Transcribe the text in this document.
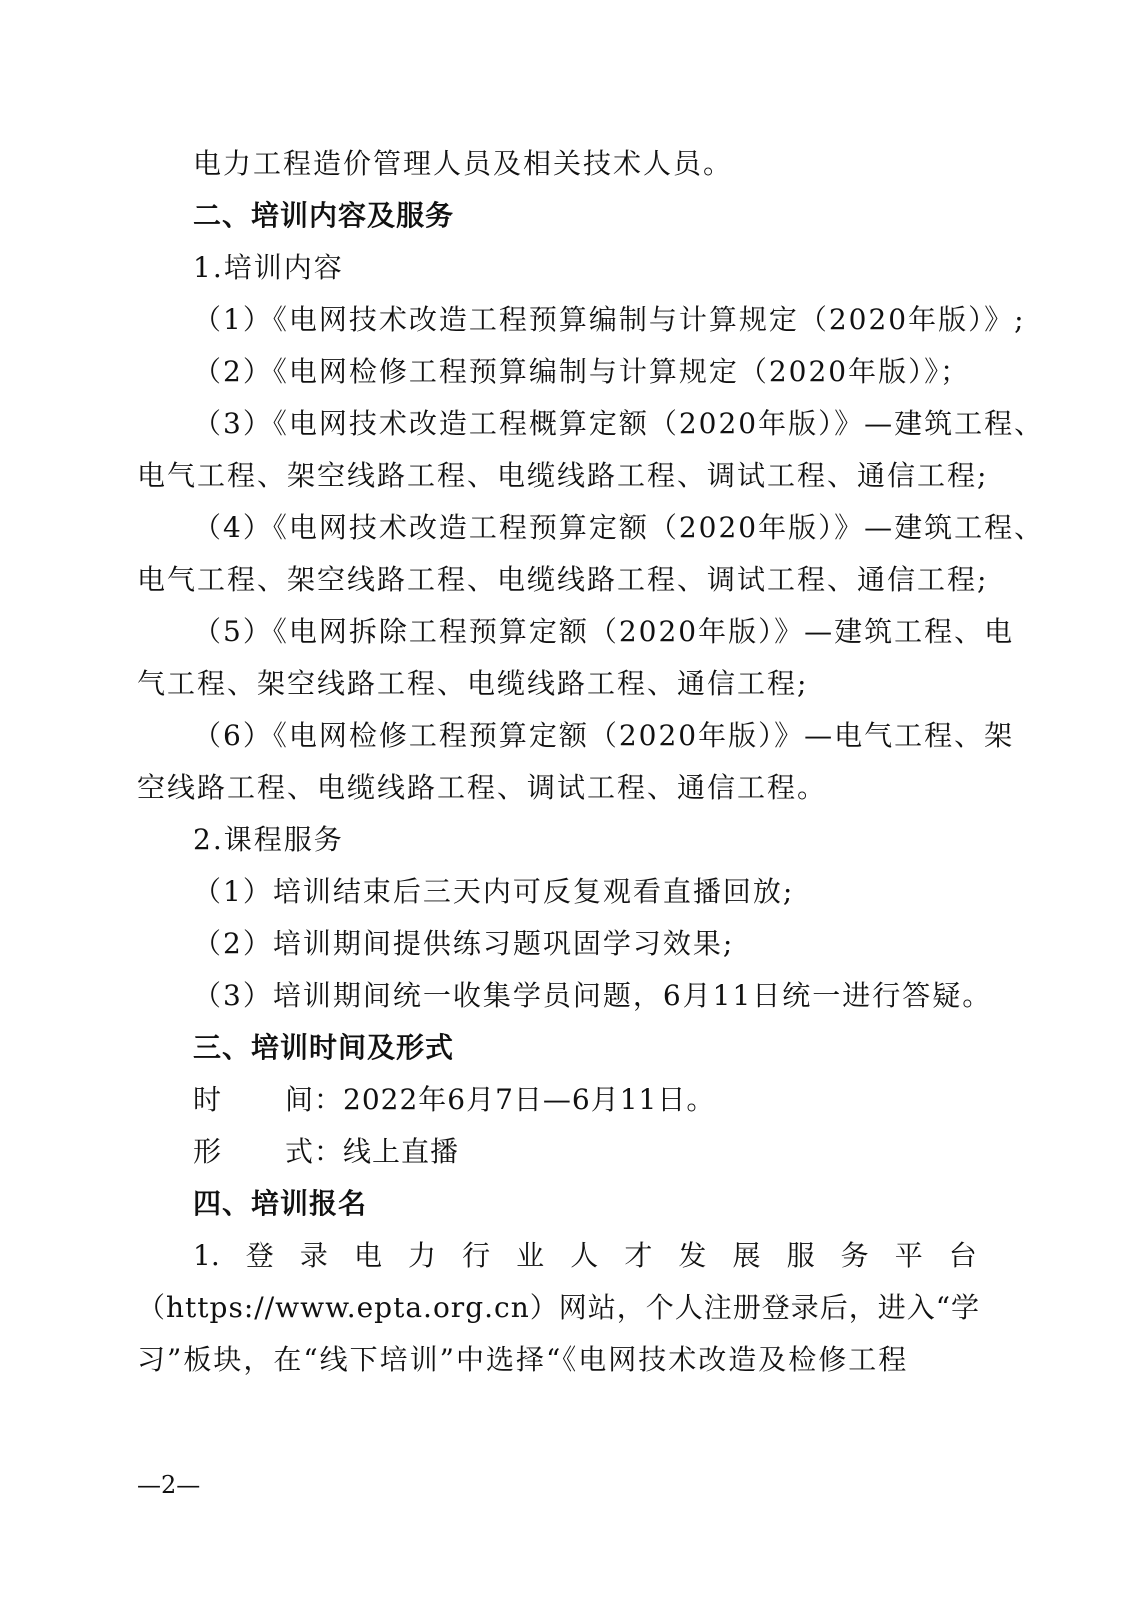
电力工程造价管理人员及相关技术人员。
二、培训内容及服务
1.培训内容
（1）《电网技术改造工程预算编制与计算规定（2020年版）》;
（2）《电网检修工程预算编制与计算规定（2020年版）》；
（3）《电网技术改造工程概算定额（2020年版）》—建筑工程、
电气工程、架空线路工程、电缆线路工程、调试工程、通信工程;
（4）《电网技术改造工程预算定额（2020年版）》—建筑工程、
电气工程、架空线路工程、电缆线路工程、调试工程、通信工程;
（5）《电网拆除工程预算定额（2020年版）》—建筑工程、电
气工程、架空线路工程、电缆线路工程、通信工程;
（6）《电网检修工程预算定额（2020年版）》—电气工程、架
空线路工程、电缆线路工程、调试工程、通信工程。
2.课程服务
（1）培训结束后三天内可反复观看直播回放;
（2）培训期间提供练习题巩固学习效果;
（3）培训期间统一收集学员问题，6月11日统一进行答疑。
三、培训时间及形式
时	间： 2022年6月7日—6月11日。
形	式： 线上直播
四、培训报名
1. 登 录 电 力 行 业 人 才 发 展 服 务 平 台
（https://www.epta.org.cn）网站，个人注册登录后，进入“学
习”板块，在“线下培训”中选择“《电网技术改造及检修工程
—2—
